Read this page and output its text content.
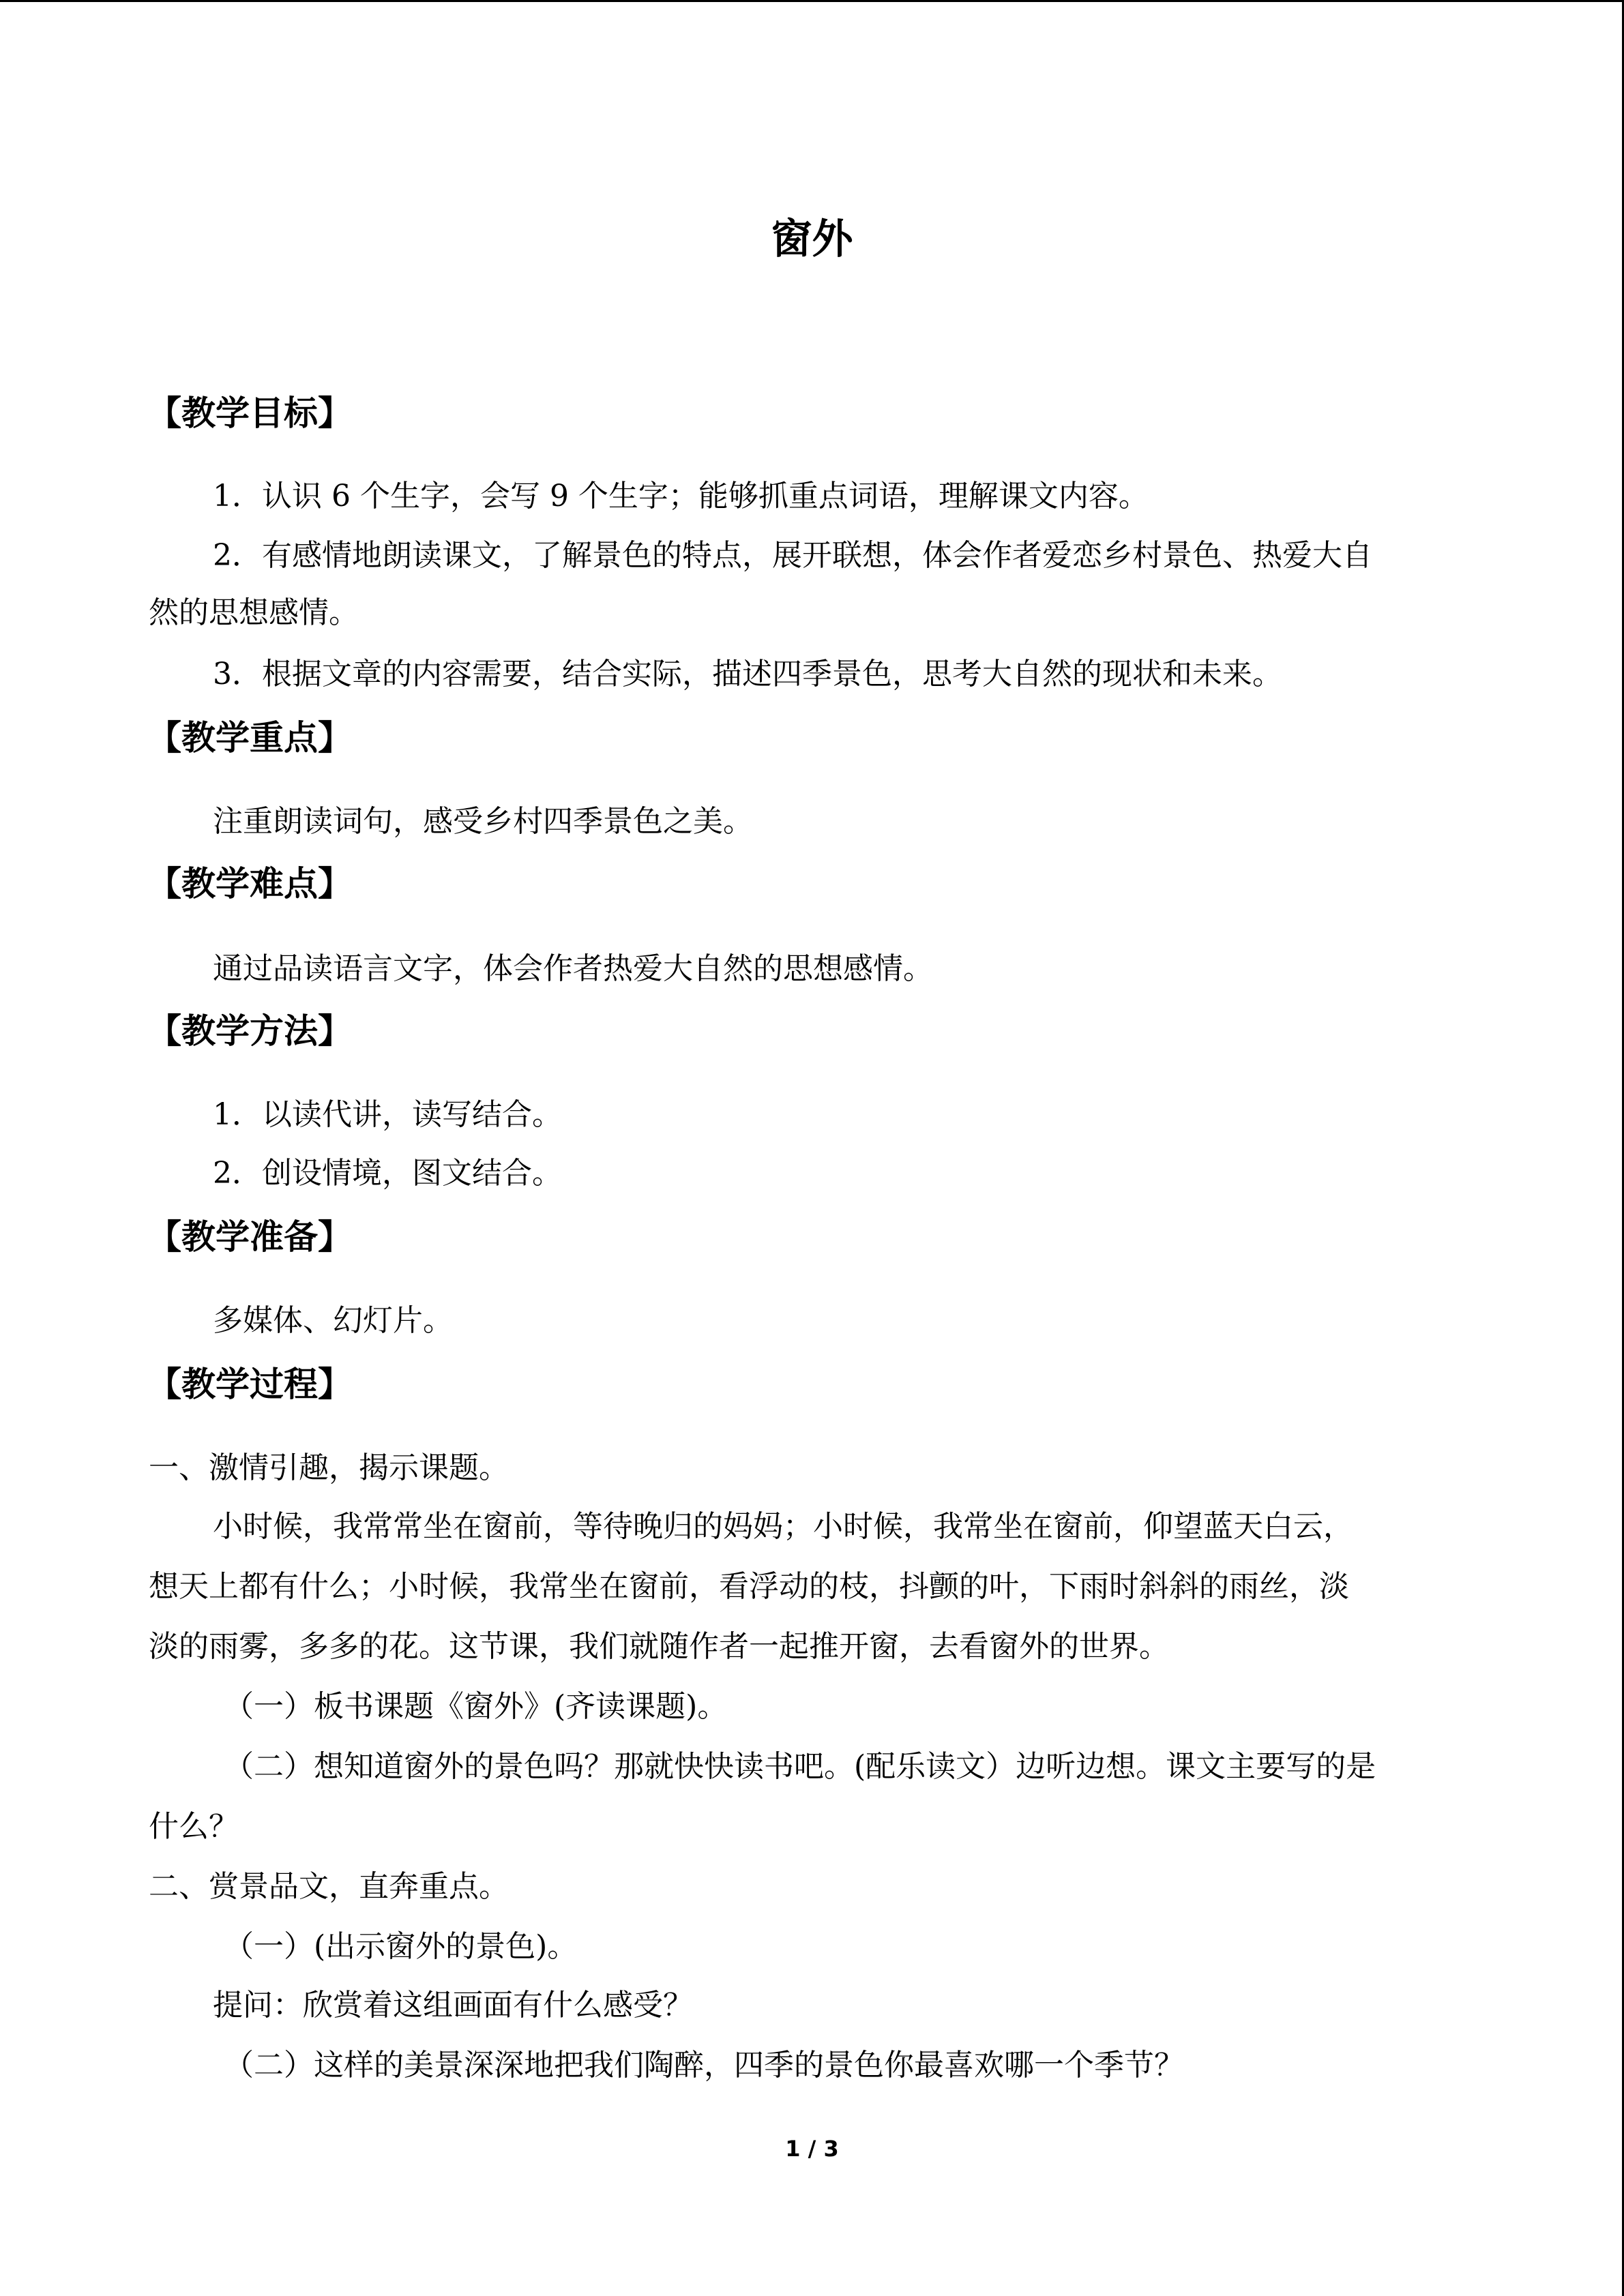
窗外
【教学目标】

1．认识 6 个生字，会写 9 个生字；能够抓重点词语，理解课文内容。

2．有感情地朗读课文，了解景色的特点，展开联想，体会作者爱恋乡村景色、热爱大自

然的思想感情。

3．根据文章的内容需要，结合实际，描述四季景色，思考大自然的现状和未来。

【教学重点】

注重朗读词句，感受乡村四季景色之美。

【教学难点】

通过品读语言文字，体会作者热爱大自然的思想感情。

【教学方法】

1．以读代讲，读写结合。

2．创设情境，图文结合。

【教学准备】

多媒体、幻灯片。

【教学过程】

一、激情引趣，揭示课题。

小时候，我常常坐在窗前，等待晚归的妈妈；小时候，我常坐在窗前，仰望蓝天白云，

想天上都有什么；小时候，我常坐在窗前，看浮动的枝，抖颤的叶，下雨时斜斜的雨丝，淡

淡的雨雾，多多的花。这节课，我们就随作者一起推开窗，去看窗外的世界。

（一）板书课题《窗外》(齐读课题)。

（二）想知道窗外的景色吗？那就快快读书吧。(配乐读文）边听边想。课文主要写的是

什么？

二、赏景品文，直奔重点。

（一）(出示窗外的景色)。

提问：欣赏着这组画面有什么感受？

（二）这样的美景深深地把我们陶醉，四季的景色你最喜欢哪一个季节？

1 / 3
